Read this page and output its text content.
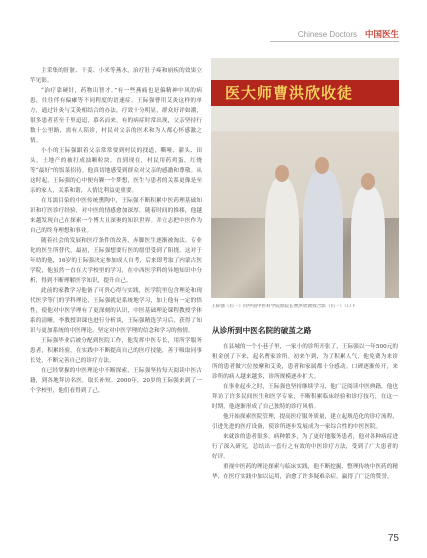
Chinese Doctors 中国医生

主采集的肝脏、干姜、小米等燕水，治疗肚子疼和崩疾的效果立竿见影。

“治疗靠硬针，药物出智才。”有一些燕痛也是偏精神中风的病患，往往伴有偏瘫等不同程度的语速症。王际强曹用艾灸这样的单方，通过针灸与艾灸相结合的办法，疗效十分明显，群众好评如潮，很多患者甚至千里迢迢，慕名而来。有的病症时常出现，父亲坚持行数十公里路，需有人陪诊，村民对父亲的医术和为人都心怀感激之情。

小小的王际强跟着父亲常常要到村民的找道，嘶哑、灌头、田头，土地产的被打成浊颗粒块。直到现在，村民用药鸡蛋，红烧等“最好”的饭菜招待。他真切地感受到群众对父亲的感激和尊敬。从这时起，王际强的心中便有颗一个梦想，医生与患者的关系更像是至亲的家人，关系和谐，人情比利益更重要。

在耳濡目染的中医传统熏陶中，王际强不断积累中医药理基础知识和疗医诊疗经验，对中医的情感愈加深厚，随着时间的推移，他越来越发现自己在探索一个博大且深奥的知识世界。并立志把中医作为自己的终身理想和事业。

随着社会的发展和医疗条件的改善，赤脚医生逐渐被淘汰。专业化的医生所替代，最初，王际强想要行医的愿望受到了阻挠，这对于年幼的他，16岁的王际强决定参加成人自考，后来即考取了内蒙古医学院，他虽然一直在大学校里的学习，在中西医学科的异地知识中分析，得到不断理解医学知识，提升自己。

此前的家教学习他备了可贵心得与实践，医学院里包含理论和现代医学等门的学科理论，王际强就是系统地学习，加上他有一定的悟性，使他对中医学理有了更深刻的认识，中医基础理论课程教授学体系的清晰，李教授讲课也进行分析谈，王际强精选学习后，获得了知识与更加系统的中医理论，坚定对中医学理的信念和学习的热情。

王际强毕业后被分配到医院工作，他发挥中医专长，用所学服务患者，积累经验，在实践中不断提高自己的医疗技能，善于吸取同事长处，不断完善自己的诊疗方法。

在已经掌握的中医理论中不断探索，王际强坚持每天阅读中医古籍，到各地拜访名医，取长补短。2000年，20岁的王际强来到了一个学校里，他们看得到了己。

医大师曹洪欣收徒
王际强（右一）同中国中医科学院原院长曹洪欣教授合影（右一）（口下

从诊所到中医名院的破茧之路

在县城的一个小巷子里，一家小的诊所开张了，王际强以一年500元的租金创了下来，起名曹家诊所。初来乍到，为了积累人气，他免费为来诊所的患者做穴位按摩和艾灸，患者和家属都十分感动。口碑逐渐传开，来诊所的病人越来越多，诊所规模逐步扩大。

在事业起步之时，王际强也坚持继续学习，他广泛阅读中医典籍，他也拜访了许多民间医生和医学专家，不断积累临床经验和诊疗技巧，在这一时期，他逐渐形成了自己独特的诊疗风格。

他开始探索医院管理，提高医疗服务质量，建立起规范化的诊疗流程，引进先进的医疗设备，使诊所逐步发展成为一家综合性的中医医院。

来就诊的患者很多，病种繁多，为了更好地服务患者，他对各种病症进行了深入研究，总结出一套行之有效的中医诊疗方法，受到了广大患者的好评。

重视中医药的理论探索与临床实践，他不断挖掘、整理传统中医药的精华，在医疗实践中加以运用，治愈了许多疑难杂症，赢得了广泛的赞誉。

75
